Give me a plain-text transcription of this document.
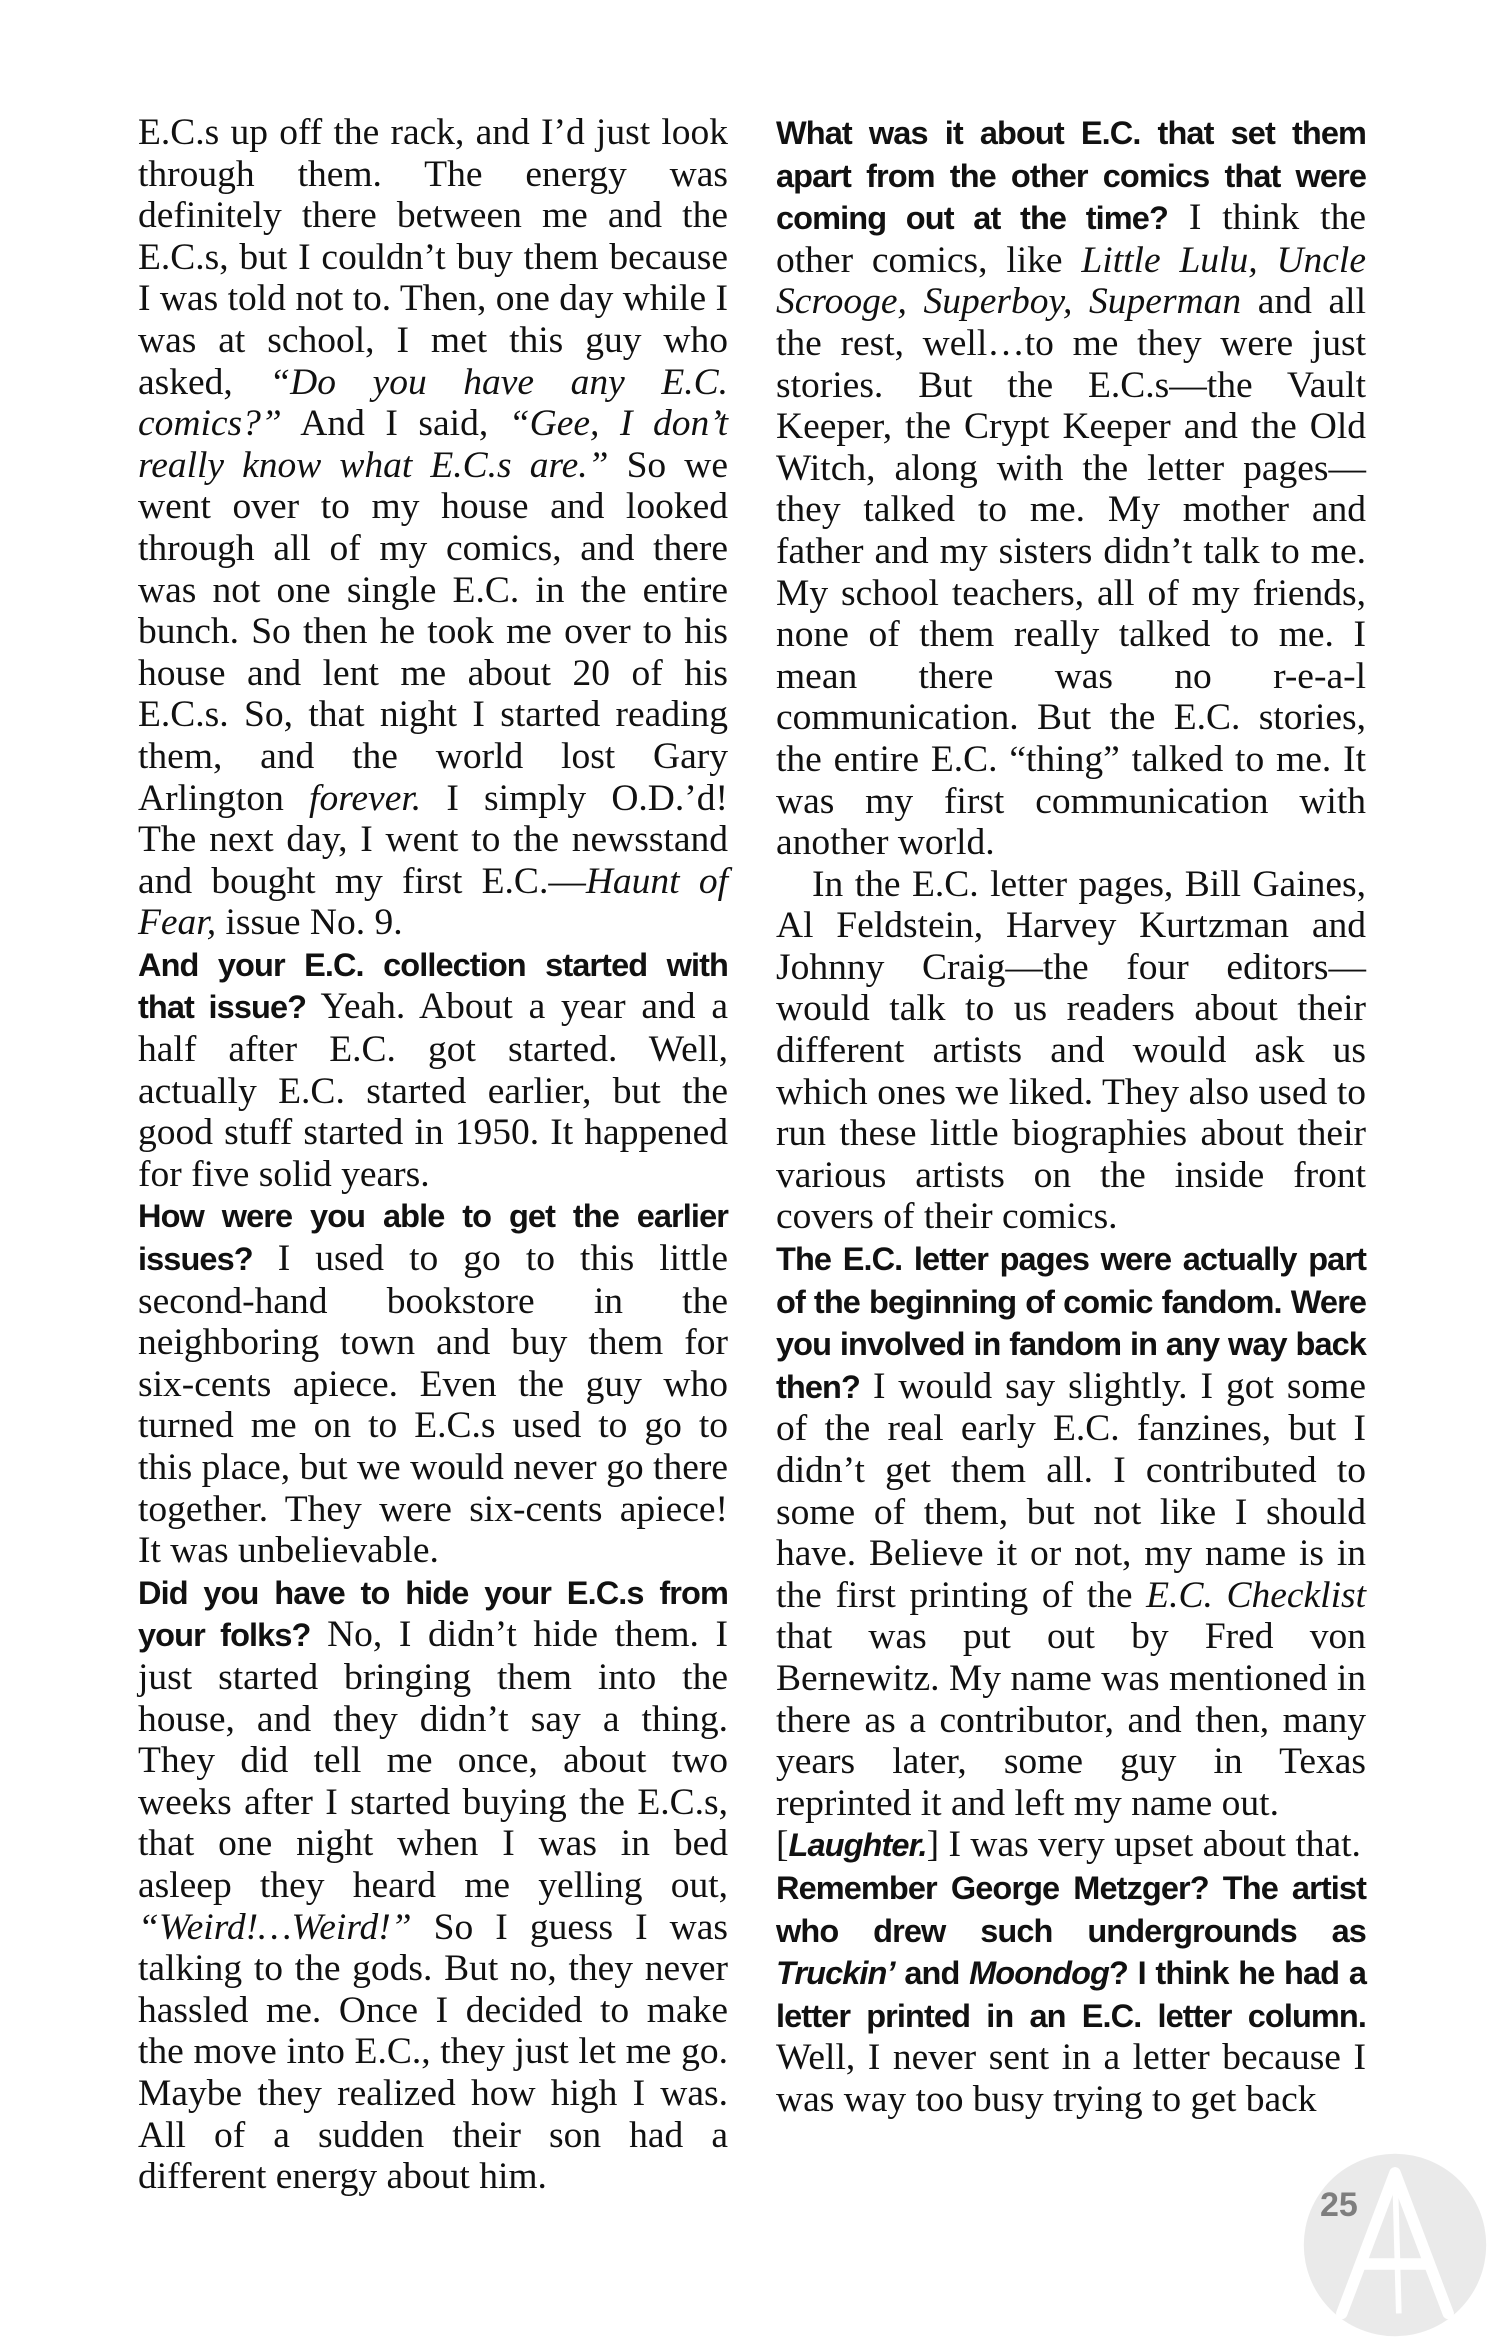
E.C.s up off the rack, and I’d just look through them. The energy was definitely there between me and the E.C.s, but I couldn’t buy them because I was told not to. Then, one day while I was at school, I met this guy who asked, “Do you have any E.C. comics?” And I said, “Gee, I don’t really know what E.C.s are.” So we went over to my house and looked through all of my comics, and there was not one single E.C. in the entire bunch. So then he took me over to his house and lent me about 20 of his E.C.s. So, that night I started reading them, and the world lost Gary Arlington forever. I simply O.D.’d! The next day, I went to the newsstand and bought my first E.C.—Haunt of Fear, issue No. 9.

And your E.C. collection started with that issue? Yeah. About a year and a half after E.C. got started. Well, actually E.C. started earlier, but the good stuff started in 1950. It happened for five solid years.

How were you able to get the earlier issues? I used to go to this little second-hand bookstore in the neighboring town and buy them for six-cents apiece. Even the guy who turned me on to E.C.s used to go to this place, but we would never go there together. They were six-cents apiece! It was unbelievable.

Did you have to hide your E.C.s from your folks? No, I didn’t hide them. I just started bringing them into the house, and they didn’t say a thing. They did tell me once, about two weeks after I started buying the E.C.s, that one night when I was in bed asleep they heard me yelling out, “Weird!…Weird!” So I guess I was talking to the gods. But no, they never hassled me. Once I decided to make the move into E.C., they just let me go. Maybe they realized how high I was. All of a sudden their son had a different energy about him.

What was it about E.C. that set them apart from the other comics that were coming out at the time? I think the other comics, like Little Lulu, Uncle Scrooge, Superboy, Superman and all the rest, well…to me they were just stories. But the E.C.s—the Vault Keeper, the Crypt Keeper and the Old Witch, along with the letter pages—they talked to me. My mother and father and my sisters didn’t talk to me. My school teachers, all of my friends, none of them really talked to me. I mean there was no r-e-a-l communication. But the E.C. stories, the entire E.C. “thing” talked to me. It was my first communication with another world.

In the E.C. letter pages, Bill Gaines, Al Feldstein, Harvey Kurtzman and Johnny Craig—the four editors—would talk to us readers about their different artists and would ask us which ones we liked. They also used to run these little biographies about their various artists on the inside front covers of their comics.

The E.C. letter pages were actually part of the beginning of comic fandom. Were you involved in fandom in any way back then? I would say slightly. I got some of the real early E.C. fanzines, but I didn’t get them all. I contributed to some of them, but not like I should have. Believe it or not, my name is in the first printing of the E.C. Checklist that was put out by Fred von Bernewitz. My name was mentioned in there as a contributor, and then, many years later, some guy in Texas reprinted it and left my name out.

[Laughter.] I was very upset about that.

Remember George Metzger? The artist who drew such undergrounds as Truckin’ and Moondog? I think he had a letter printed in an E.C. letter column. Well, I never sent in a letter because I was way too busy trying to get back
